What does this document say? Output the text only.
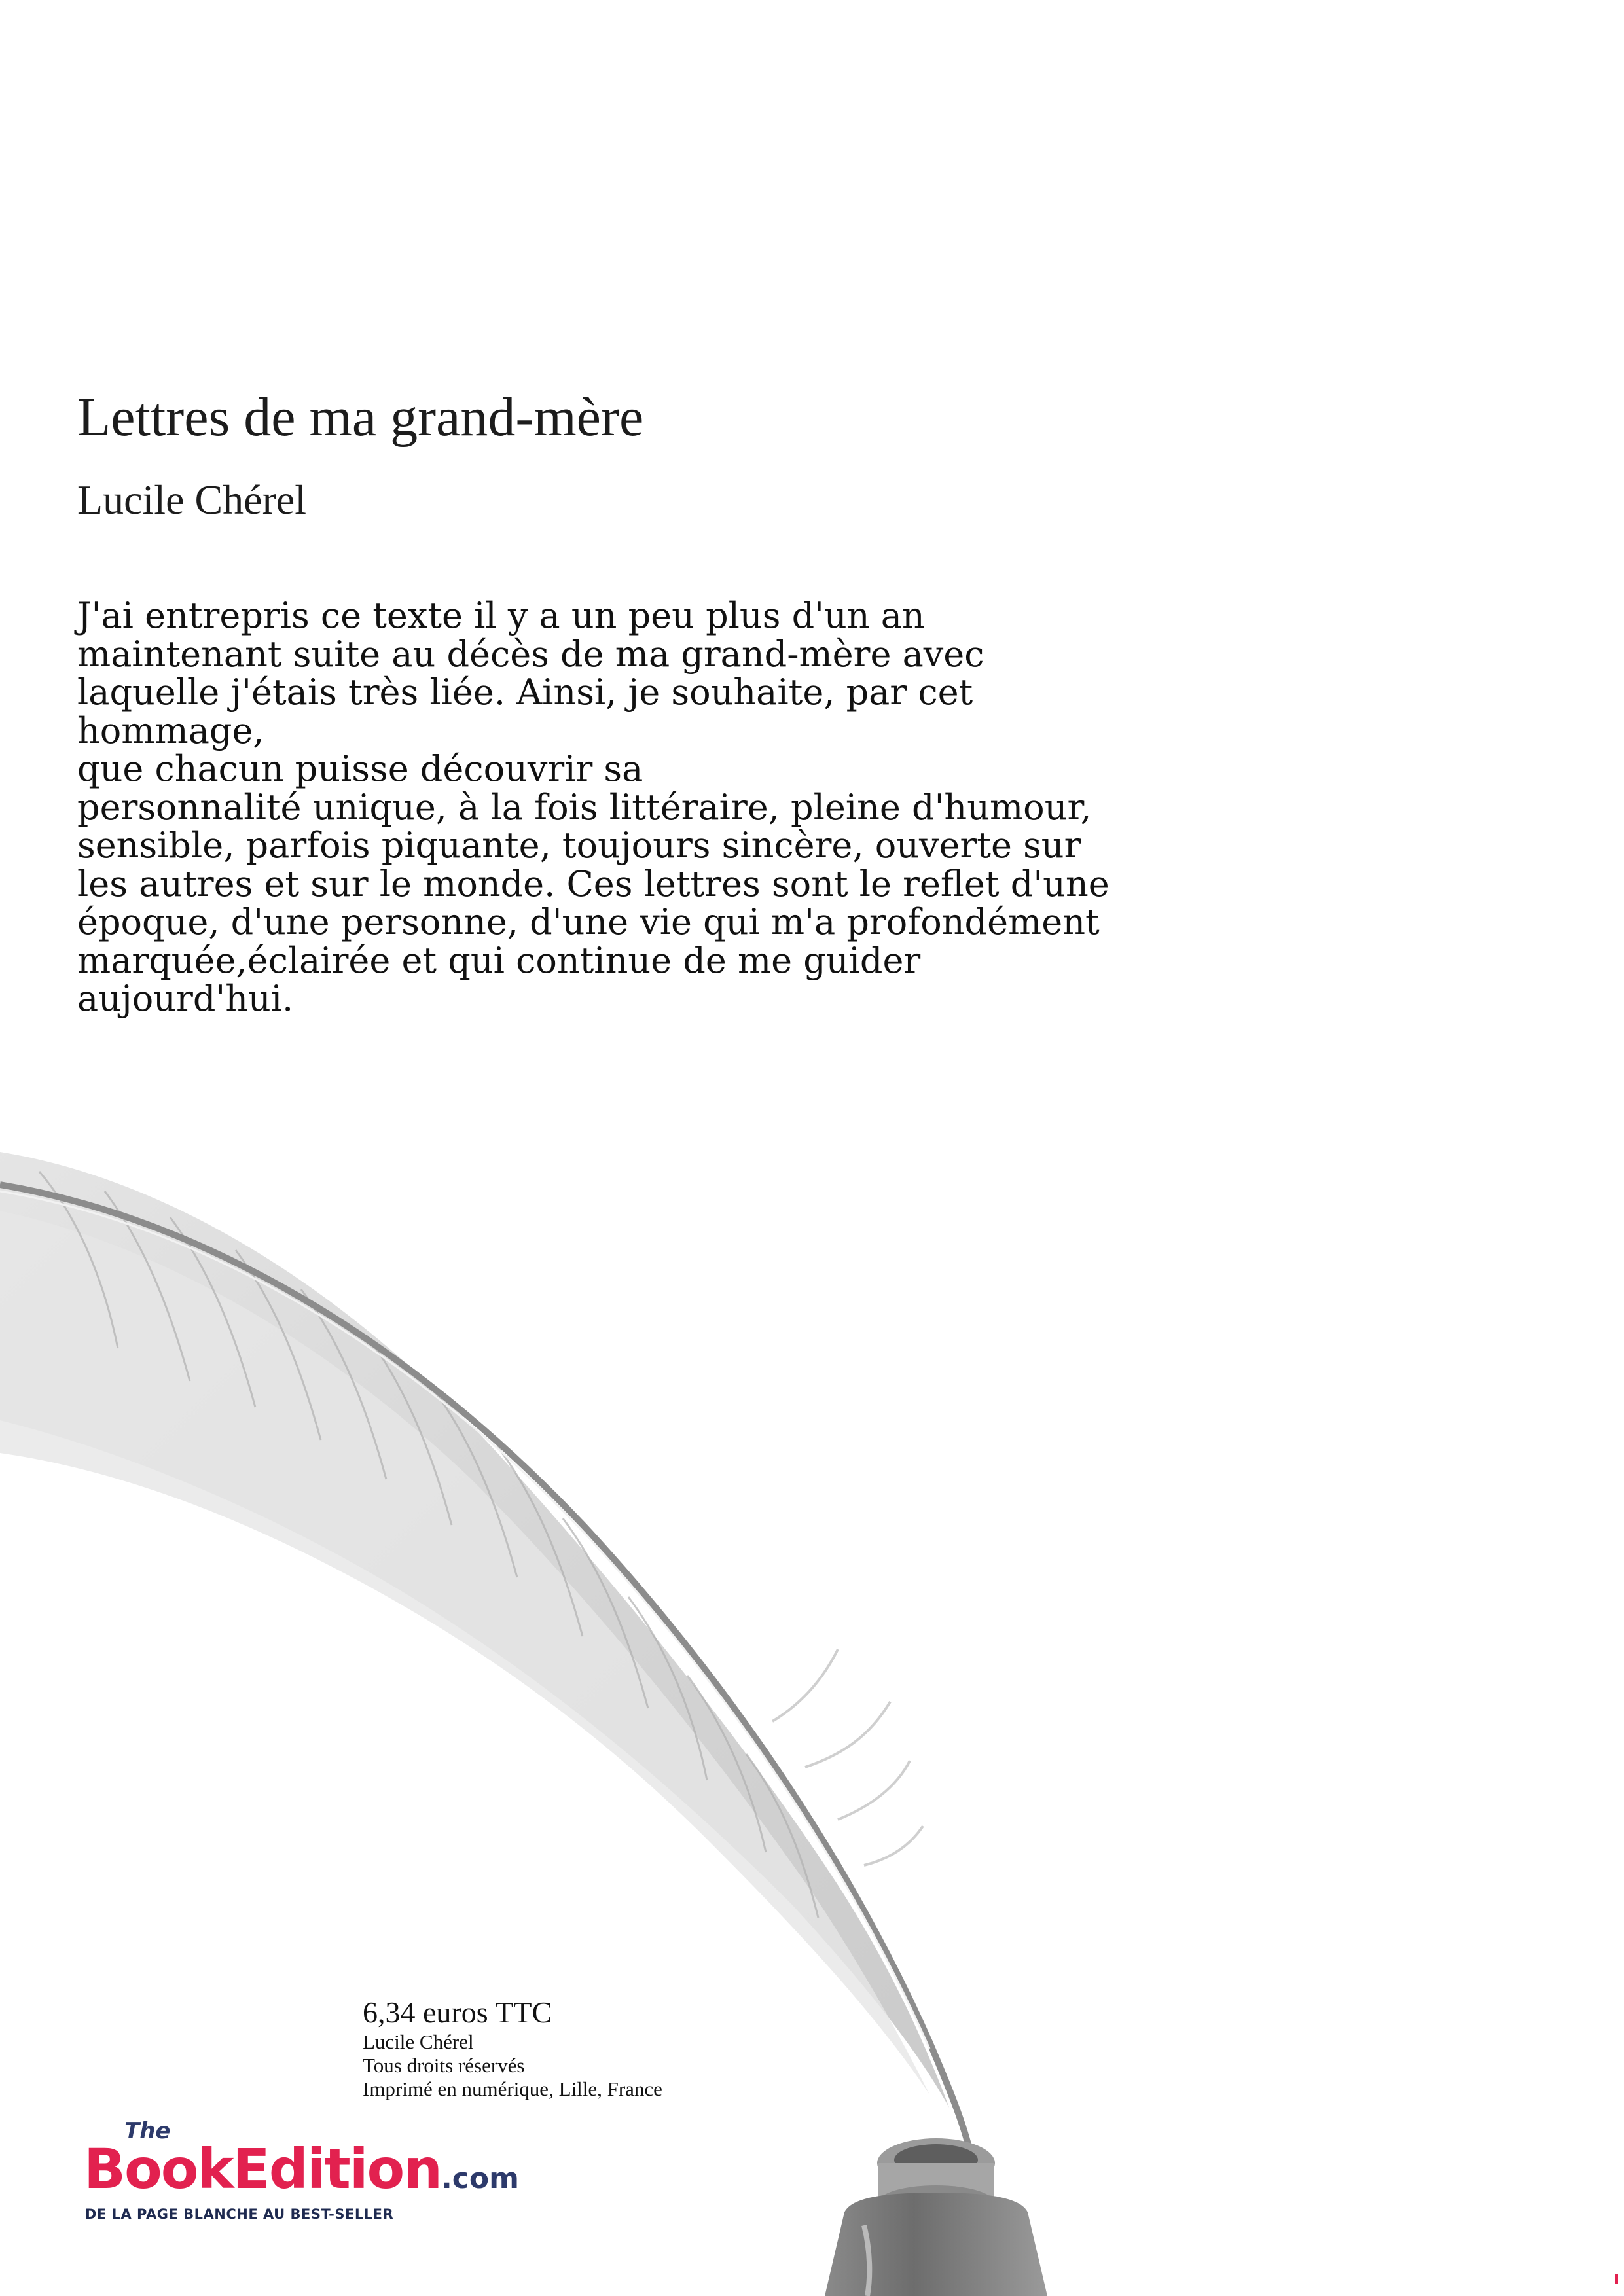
Lettres de ma grand-mère
Lucile Chérel
J'ai entrepris ce texte il y a un peu plus d'un an
maintenant suite au décès de ma grand-mère avec
laquelle j'étais très liée. Ainsi, je souhaite, par cet
hommage,
que chacun puisse découvrir sa
personnalité unique, à la fois littéraire, pleine d'humour,
sensible, parfois piquante, toujours sincère, ouverte sur
les autres et sur le monde. Ces lettres sont le reflet d'une
époque, d'une personne, d'une vie qui m'a profondément
marquée,éclairée et qui continue de me guider
aujourd'hui.
6,34 euros TTC
Lucile Chérel
Tous droits réservés
Imprimé en numérique, Lille, France
The
BookEdition.com
DE LA PAGE BLANCHE AU BEST-SELLER
